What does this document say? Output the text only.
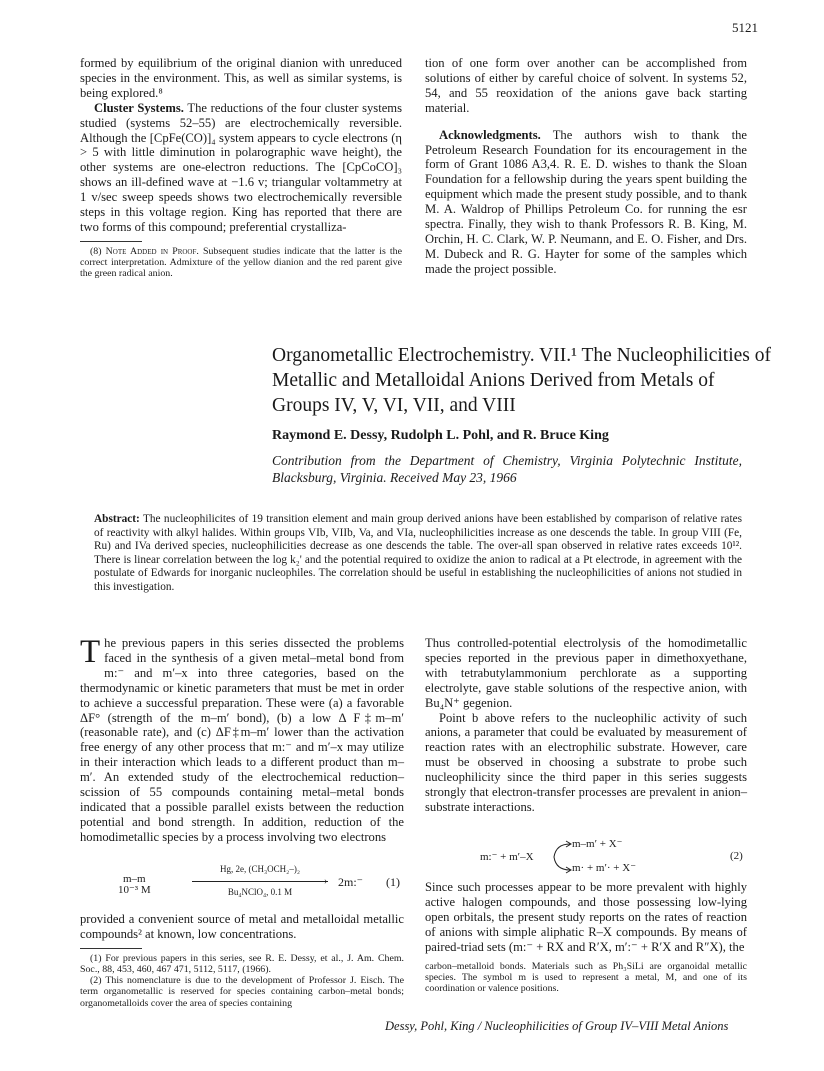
5121

formed by equilibrium of the original dianion with unreduced species in the environment. This, as well as similar systems, is being explored.⁸

Cluster Systems. The reductions of the four cluster systems studied (systems 52–55) are electrochemically reversible. Although the [CpFe(CO)]₄ system appears to cycle electrons (η > 5 with little diminution in polarographic wave height), the other systems are one-electron reductions. The [CpCoCO]₃ shows an ill-defined wave at −1.6 v; triangular voltammetry at 1 v/sec sweep speeds shows two electrochemically reversible steps in this voltage region. King has reported that there are two forms of this compound; preferential crystalliza-

(8) Note Added in Proof. Subsequent studies indicate that the latter is the correct interpretation. Admixture of the yellow dianion and the red parent give the green radical anion.

tion of one form over another can be accomplished from solutions of either by careful choice of solvent. In systems 52, 54, and 55 reoxidation of the anions gave back starting material.

Acknowledgments. The authors wish to thank the Petroleum Research Foundation for its encouragement in the form of Grant 1086 A3,4. R. E. D. wishes to thank the Sloan Foundation for a fellowship during the years spent building the equipment which made the present study possible, and to thank M. A. Waldrop of Phillips Petroleum Co. for running the esr spectra. Finally, they wish to thank Professors R. B. King, M. Orchin, H. C. Clark, W. P. Neumann, and E. O. Fisher, and Drs. M. Dubeck and R. G. Hayter for some of the samples which made the project possible.

Organometallic Electrochemistry. VII.¹ The Nucleophilicities of Metallic and Metalloidal Anions Derived from Metals of Groups IV, V, VI, VII, and VIII
Raymond E. Dessy, Rudolph L. Pohl, and R. Bruce King
Contribution from the Department of Chemistry, Virginia Polytechnic Institute, Blacksburg, Virginia. Received May 23, 1966
Abstract: The nucleophilicites of 19 transition element and main group derived anions have been established by comparison of relative rates of reactivity with alkyl halides. Within groups VIb, VIIb, Va, and VIa, nucleophilicities increase as one descends the table. In group VIII (Fe, Ru) and IVa derived species, nucleophilicities decrease as one descends the table. The over-all span observed in relative rates exceeds 10¹². There is linear correlation between the log k₂' and the potential required to oxidize the anion to radical at a Pt electrode, in agreement with the postulate of Edwards for inorganic nucleophiles. The correlation should be useful in establishing the nucleophilicities of anions not studied in this investigation.

The previous papers in this series dissected the problems faced in the synthesis of a given metal–metal bond from m:⁻ and m′–x into three categories, based on the thermodynamic or kinetic parameters that must be met in order to achieve a successful preparation. These were (a) a favorable ΔF° (strength of the m–m′ bond), (b) a low Δ F‡m–m′ (reasonable rate), and (c) ΔF‡m–m′ lower than the activation free energy of any other process that m:⁻ and m′–x may utilize in their interaction which leads to a different product than m–m′. An extended study of the electrochemical reduction–scission of 55 compounds containing metal–metal bonds indicated that a possible parallel exists between the reduction potential and bond strength. In addition, reduction of the homodimetallic species by a process involving two electrons

m–m
10⁻³ M
Hg, 2e, (CH₃OCH₂–)₂
›
Bu₄NClO₄, 0.1 M
2m:⁻ (1)

provided a convenient source of metal and metalloidal metallic compounds² at known, low concentrations.

(1) For previous papers in this series, see R. E. Dessy, et al., J. Am. Chem. Soc., 88, 453, 460, 467 471, 5112, 5117, (1966).

(2) This nomenclature is due to the development of Professor J. Eisch. The term organometallic is reserved for species containing carbon–metal bonds; organometalloids cover the area of species containing

Thus controlled-potential electrolysis of the homodimetallic species reported in the previous paper in dimethoxyethane, with tetrabutylammonium perchlorate as a supporting electrolyte, gave stable solutions of the respective anion, with Bu₄N⁺ gegenion.

Point b above refers to the nucleophilic activity of such anions, a parameter that could be evaluated by measurement of reaction rates with an electrophilic substrate. However, care must be observed in choosing a substrate to probe such nucleophilicity since the third paper in this series suggests strongly that electron-transfer processes are prevalent in anion–substrate interactions.

m:⁻ + m′–X
m–m′ + X⁻
m· + m′· + X⁻
(2)

Since such processes appear to be more prevalent with highly active halogen compounds, and those possessing low-lying open orbitals, the present study reports on the rates of reaction of anions with simple aliphatic R–X compounds. By means of paired-triad sets (m:⁻ + RX and R′X, m′:⁻ + R′X and R″X), the

carbon–metalloid bonds. Materials such as Ph₃SiLi are organoidal metallic species. The symbol m is used to represent a metal, M, and one of its coordination or valence positions.

Dessy, Pohl, King / Nucleophilicities of Group IV–VIII Metal Anions
